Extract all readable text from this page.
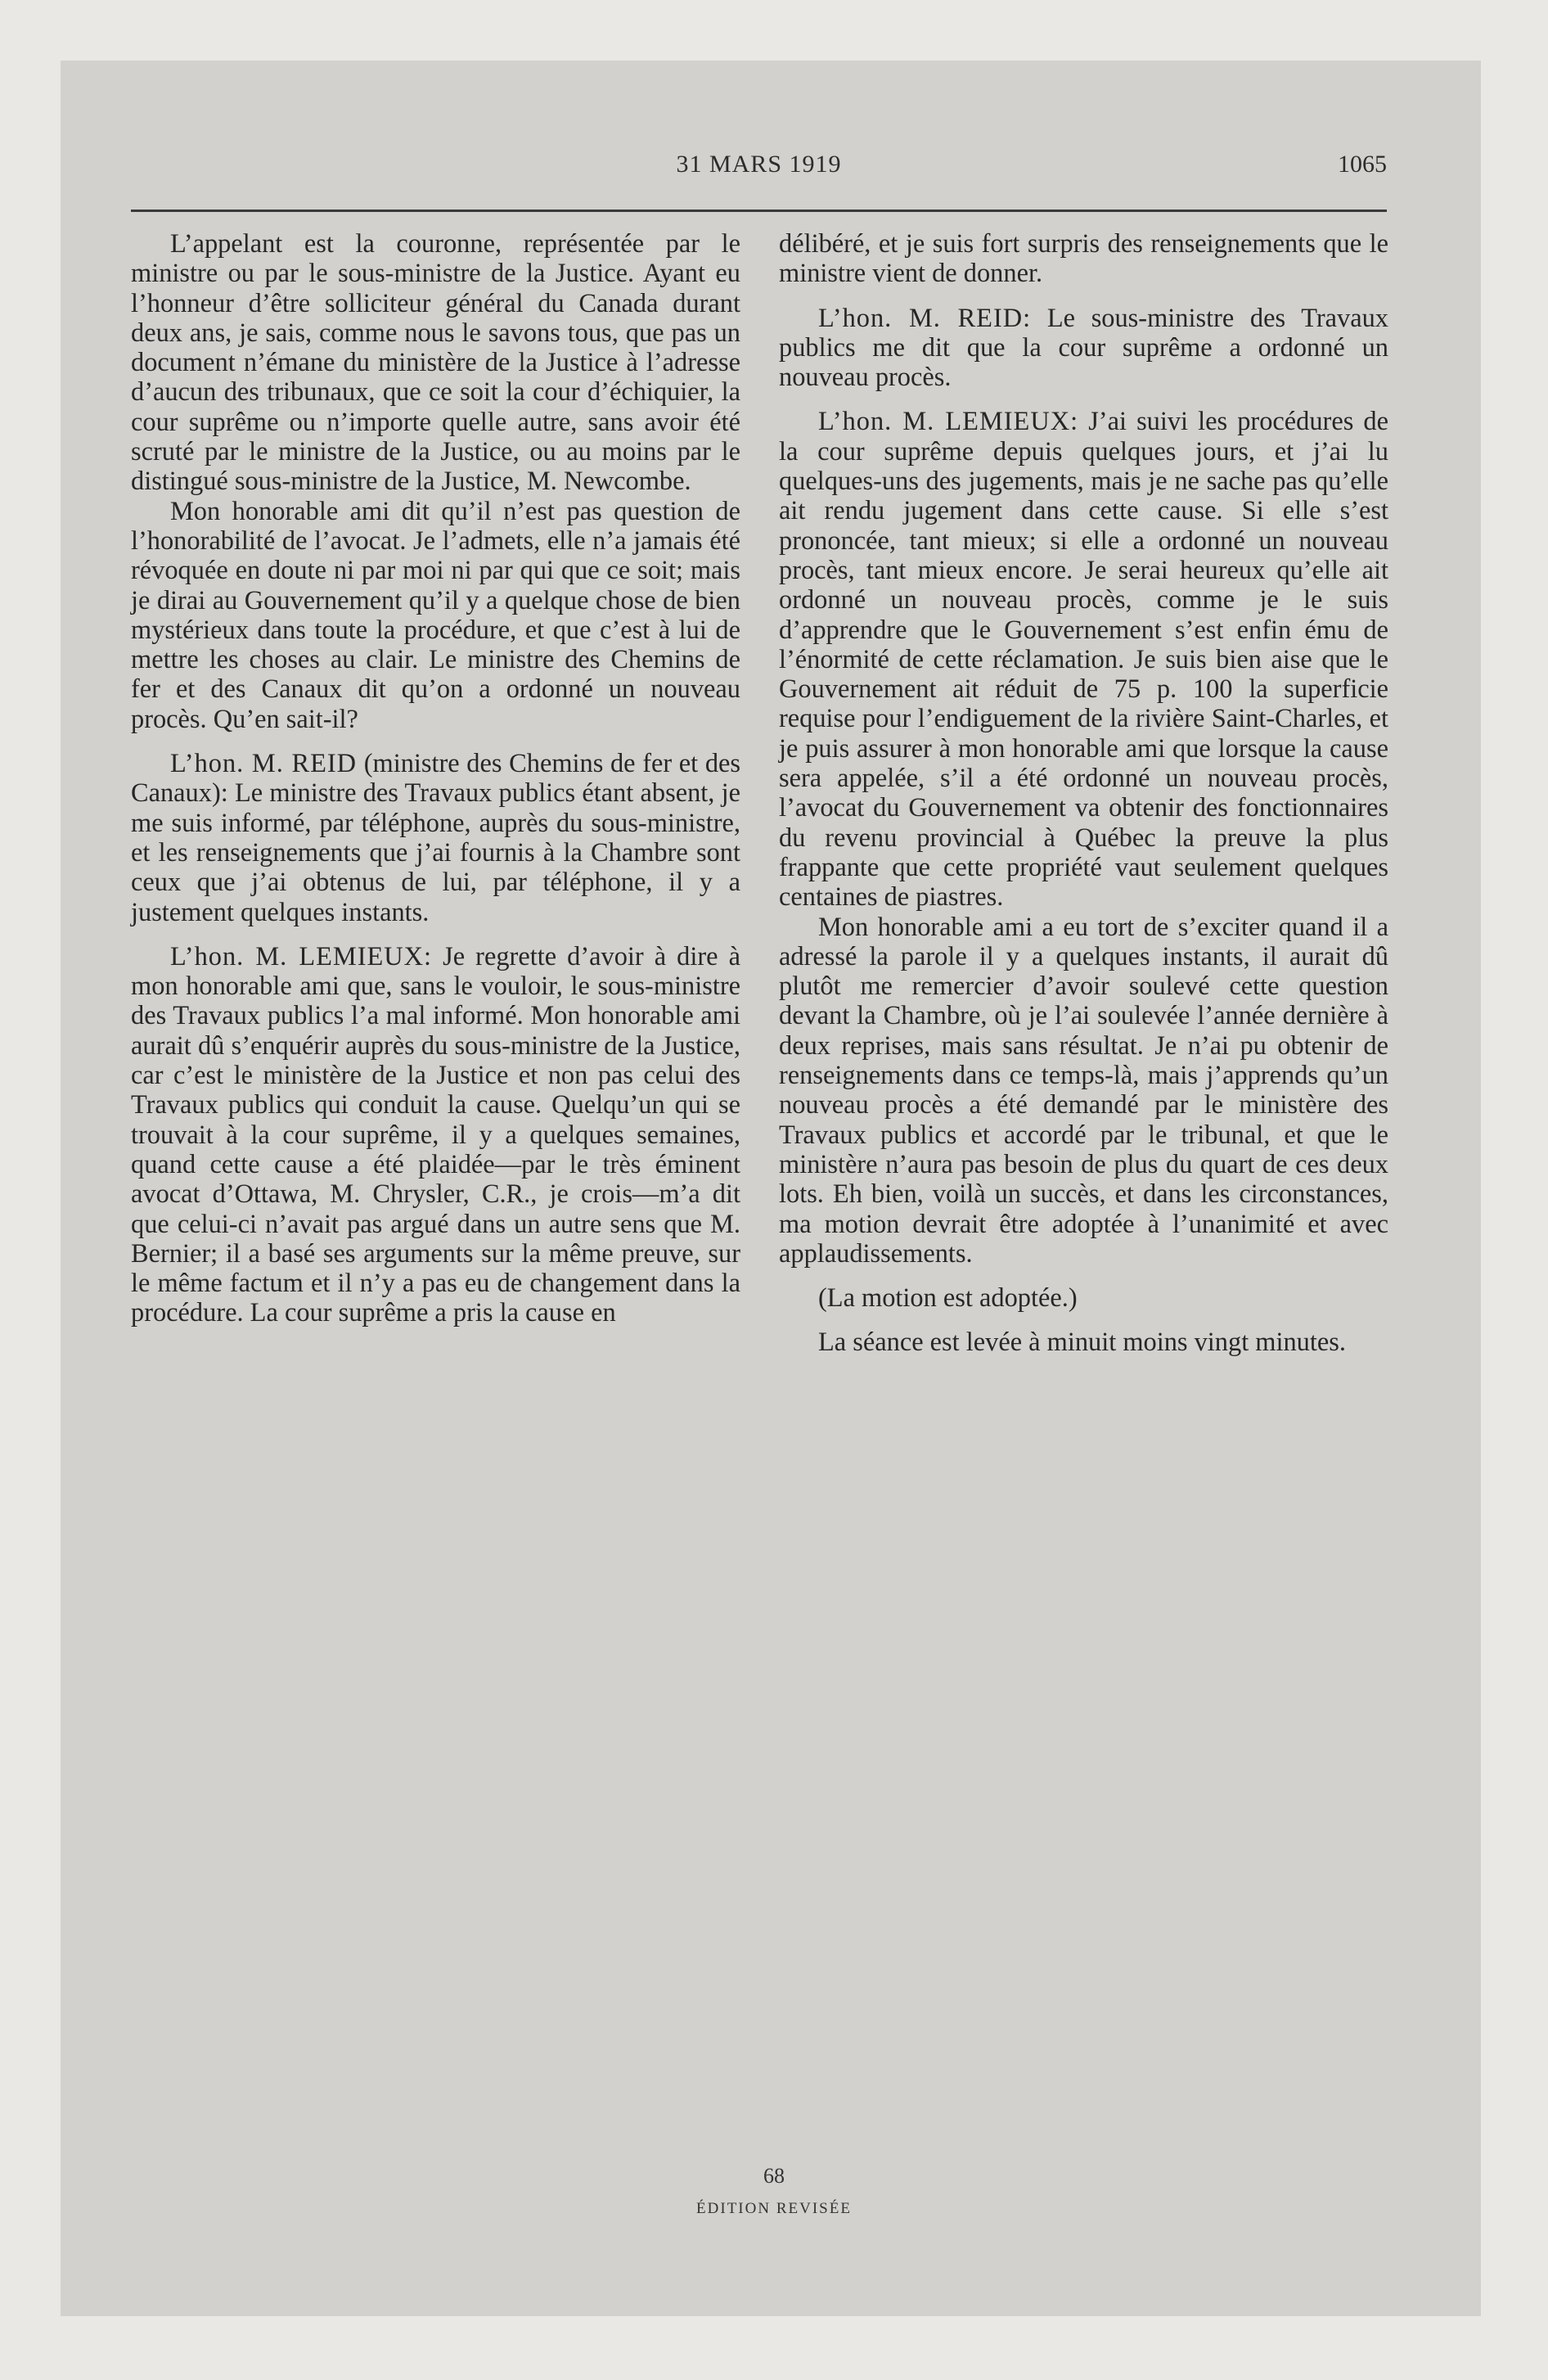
31 MARS 1919	1065

L’appelant est la couronne, représentée par le ministre ou par le sous-ministre de la Justice. Ayant eu l’honneur d’être solliciteur général du Canada durant deux ans, je sais, comme nous le savons tous, que pas un document n’émane du ministère de la Justice à l’adresse d’aucun des tribunaux, que ce soit la cour d’échiquier, la cour suprême ou n’importe quelle autre, sans avoir été scruté par le ministre de la Justice, ou au moins par le distingué sous-ministre de la Justice, M. Newcombe.

Mon honorable ami dit qu’il n’est pas question de l’honorabilité de l’avocat. Je l’admets, elle n’a jamais été révoquée en doute ni par moi ni par qui que ce soit; mais je dirai au Gouvernement qu’il y a quelque chose de bien mystérieux dans toute la procédure, et que c’est à lui de mettre les choses au clair. Le ministre des Chemins de fer et des Canaux dit qu’on a ordonné un nouveau procès. Qu’en sait-il?

L’hon. M. REID (ministre des Chemins de fer et des Canaux): Le ministre des Travaux publics étant absent, je me suis informé, par téléphone, auprès du sous-ministre, et les renseignements que j’ai fournis à la Chambre sont ceux que j’ai obtenus de lui, par téléphone, il y a justement quelques instants.

L’hon. M. LEMIEUX: Je regrette d’avoir à dire à mon honorable ami que, sans le vouloir, le sous-ministre des Travaux publics l’a mal informé. Mon honorable ami aurait dû s’enquérir auprès du sous-ministre de la Justice, car c’est le ministère de la Justice et non pas celui des Travaux publics qui conduit la cause. Quelqu’un qui se trouvait à la cour suprême, il y a quelques semaines, quand cette cause a été plaidée—par le très éminent avocat d’Ottawa, M. Chrysler, C.R., je crois—m’a dit que celui-ci n’avait pas argué dans un autre sens que M. Bernier; il a basé ses arguments sur la même preuve, sur le même factum et il n’y a pas eu de changement dans la procédure. La cour suprême a pris la cause en

délibéré, et je suis fort surpris des renseignements que le ministre vient de donner.

L’hon. M. REID: Le sous-ministre des Travaux publics me dit que la cour suprême a ordonné un nouveau procès.

L’hon. M. LEMIEUX: J’ai suivi les procédures de la cour suprême depuis quelques jours, et j’ai lu quelques-uns des jugements, mais je ne sache pas qu’elle ait rendu jugement dans cette cause. Si elle s’est prononcée, tant mieux; si elle a ordonné un nouveau procès, tant mieux encore. Je serai heureux qu’elle ait ordonné un nouveau procès, comme je le suis d’apprendre que le Gouvernement s’est enfin ému de l’énormité de cette réclamation. Je suis bien aise que le Gouvernement ait réduit de 75 p. 100 la superficie requise pour l’endiguement de la rivière Saint-Charles, et je puis assurer à mon honorable ami que lorsque la cause sera appelée, s’il a été ordonné un nouveau procès, l’avocat du Gouvernement va obtenir des fonctionnaires du revenu provincial à Québec la preuve la plus frappante que cette propriété vaut seulement quelques centaines de piastres.

Mon honorable ami a eu tort de s’exciter quand il a adressé la parole il y a quelques instants, il aurait dû plutôt me remercier d’avoir soulevé cette question devant la Chambre, où je l’ai soulevée l’année dernière à deux reprises, mais sans résultat. Je n’ai pu obtenir de renseignements dans ce temps-là, mais j’apprends qu’un nouveau procès a été demandé par le ministère des Travaux publics et accordé par le tribunal, et que le ministère n’aura pas besoin de plus du quart de ces deux lots. Eh bien, voilà un succès, et dans les circonstances, ma motion devrait être adoptée à l’unanimité et avec applaudissements.

(La motion est adoptée.)

La séance est levée à minuit moins vingt minutes.

68
ÉDITION REVISÉE
